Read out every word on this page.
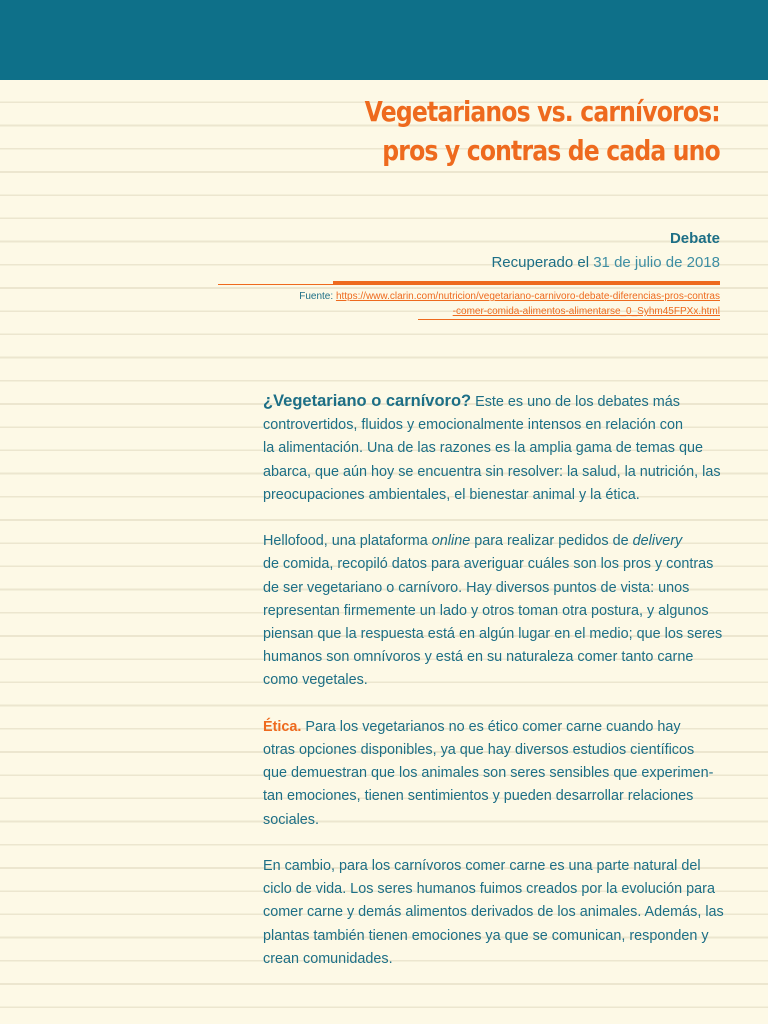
Vegetarianos vs. carnívoros:
pros y contras de cada uno
Debate
Recuperado el 31 de julio de 2018
Fuente: https://www.clarin.com/nutricion/vegetariano-carnivoro-debate-diferencias-pros-contras
-comer-comida-alimentos-alimentarse_0_Syhm45FPXx.html

¿Vegetariano o carnívoro? Este es uno de los debates más
controvertidos, fluidos y emocionalmente intensos en relación con
la alimentación. Una de las razones es la amplia gama de temas que
abarca, que aún hoy se encuentra sin resolver: la salud, la nutrición, las
preocupaciones ambientales, el bienestar animal y la ética.

Hellofood, una plataforma online para realizar pedidos de delivery
de comida, recopiló datos para averiguar cuáles son los pros y contras
de ser vegetariano o carnívoro. Hay diversos puntos de vista: unos
representan firmemente un lado y otros toman otra postura, y algunos
piensan que la respuesta está en algún lugar en el medio; que los seres
humanos son omnívoros y está en su naturaleza comer tanto carne
como vegetales.

Ética. Para los vegetarianos no es ético comer carne cuando hay
otras opciones disponibles, ya que hay diversos estudios científicos
que demuestran que los animales son seres sensibles que experimen-
tan emociones, tienen sentimientos y pueden desarrollar relaciones
sociales.

En cambio, para los carnívoros comer carne es una parte natural del
ciclo de vida. Los seres humanos fuimos creados por la evolución para
comer carne y demás alimentos derivados de los animales. Además, las
plantas también tienen emociones ya que se comunican, responden y
crean comunidades.
